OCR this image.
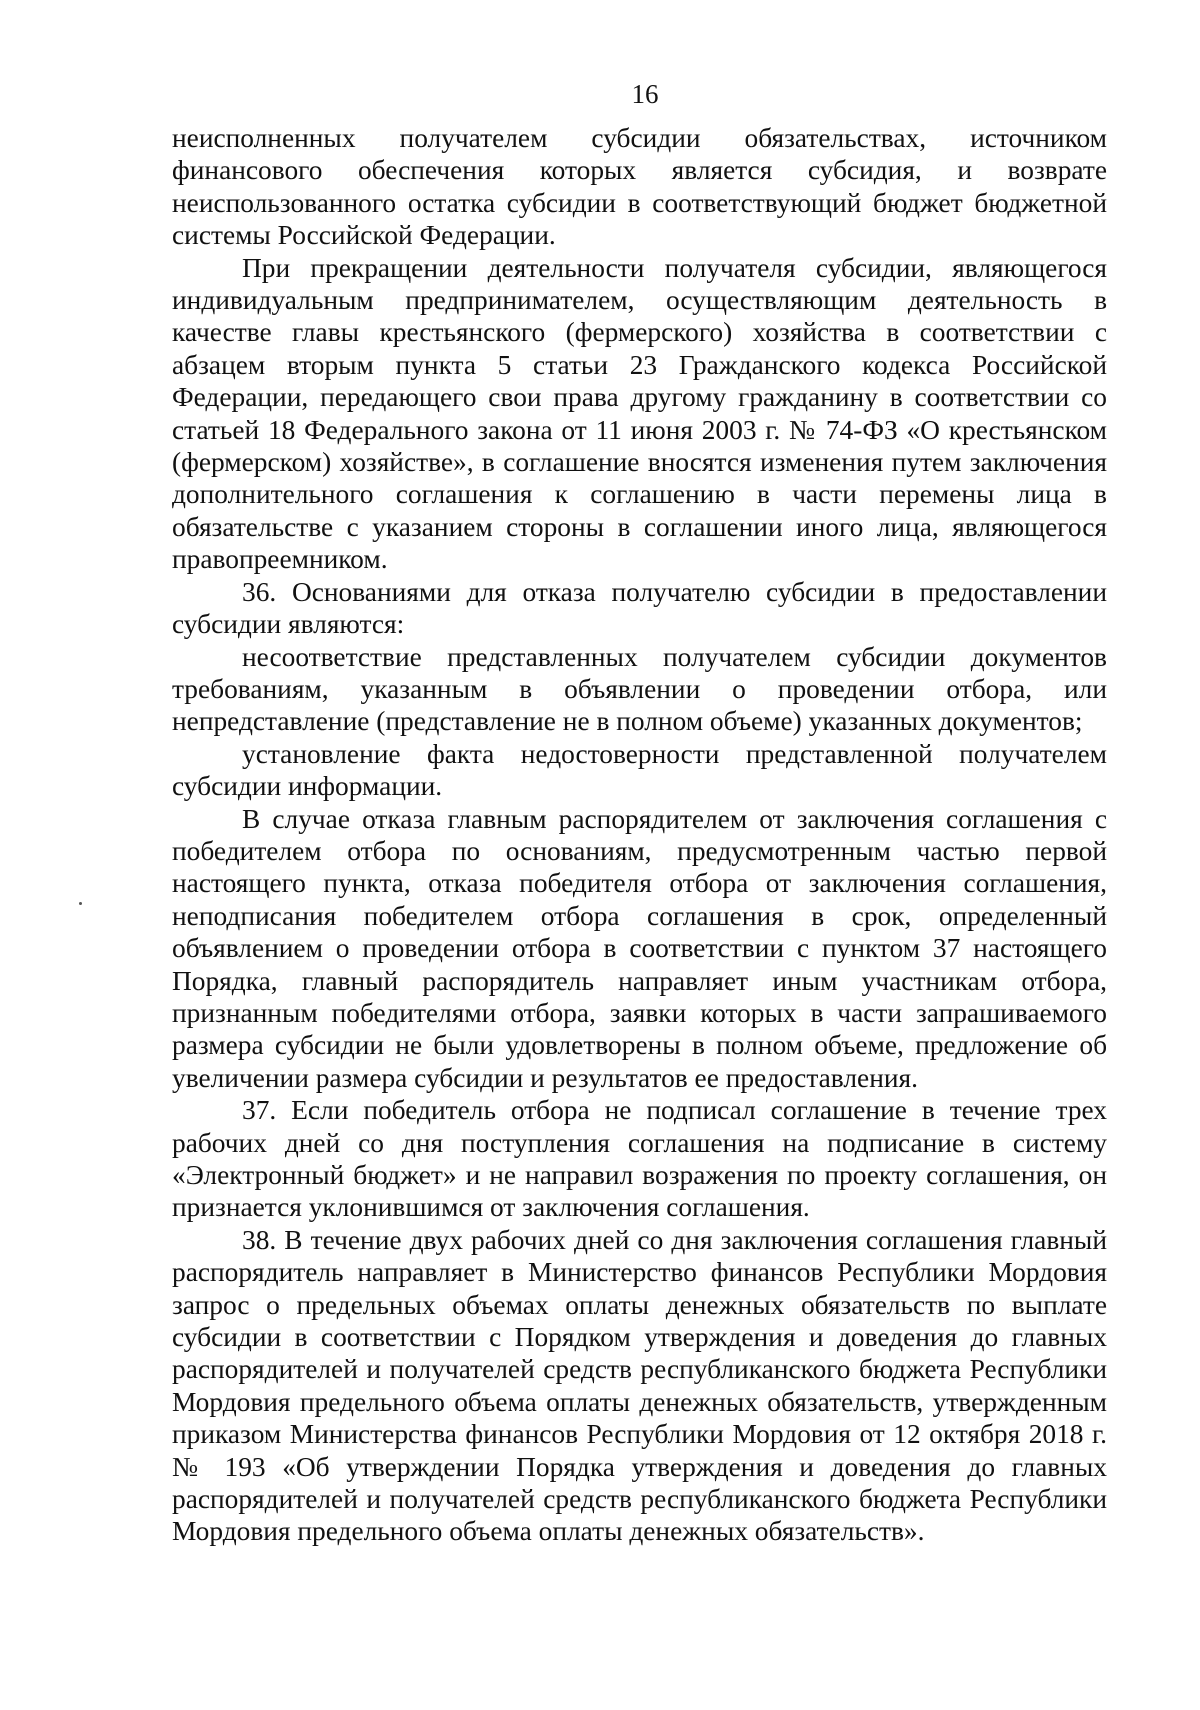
16

неисполненных получателем субсидии обязательствах, источником финансового обеспечения которых является субсидия, и возврате неиспользованного остатка субсидии в соответствующий бюджет бюджетной системы Российской Федерации.

При прекращении деятельности получателя субсидии, являющегося индивидуальным предпринимателем, осуществляющим деятельность в качестве главы крестьянского (фермерского) хозяйства в соответствии с абзацем вторым пункта 5 статьи 23 Гражданского кодекса Российской Федерации, передающего свои права другому гражданину в соответствии со статьей 18 Федерального закона от 11 июня 2003 г. № 74-ФЗ «О крестьянском (фермерском) хозяйстве», в соглашение вносятся изменения путем заключения дополнительного соглашения к соглашению в части перемены лица в обязательстве с указанием стороны в соглашении иного лица, являющегося правопреемником.

36. Основаниями для отказа получателю субсидии в предоставлении субсидии являются:

несоответствие представленных получателем субсидии документов требованиям, указанным в объявлении о проведении отбора, или непредставление (представление не в полном объеме) указанных документов;

установление факта недостоверности представленной получателем субсидии информации.

В случае отказа главным распорядителем от заключения соглашения с победителем отбора по основаниям, предусмотренным частью первой настоящего пункта, отказа победителя отбора от заключения соглашения, неподписания победителем отбора соглашения в срок, определенный объявлением о проведении отбора в соответствии с пунктом 37 настоящего Порядка, главный распорядитель направляет иным участникам отбора, признанным победителями отбора, заявки которых в части запрашиваемого размера субсидии не были удовлетворены в полном объеме, предложение об увеличении размера субсидии и результатов ее предоставления.

37. Если победитель отбора не подписал соглашение в течение трех рабочих дней со дня поступления соглашения на подписание в систему «Электронный бюджет» и не направил возражения по проекту соглашения, он признается уклонившимся от заключения соглашения.

38. В течение двух рабочих дней со дня заключения соглашения главный распорядитель направляет в Министерство финансов Республики Мордовия запрос о предельных объемах оплаты денежных обязательств по выплате субсидии в соответствии с Порядком утверждения и доведения до главных распорядителей и получателей средств республиканского бюджета Республики Мордовия предельного объема оплаты денежных обязательств, утвержденным приказом Министерства финансов Республики Мордовия от 12 октября 2018 г. № 193 «Об утверждении Порядка утверждения и доведения до главных распорядителей и получателей средств республиканского бюджета Республики Мордовия предельного объема оплаты денежных обязательств».
